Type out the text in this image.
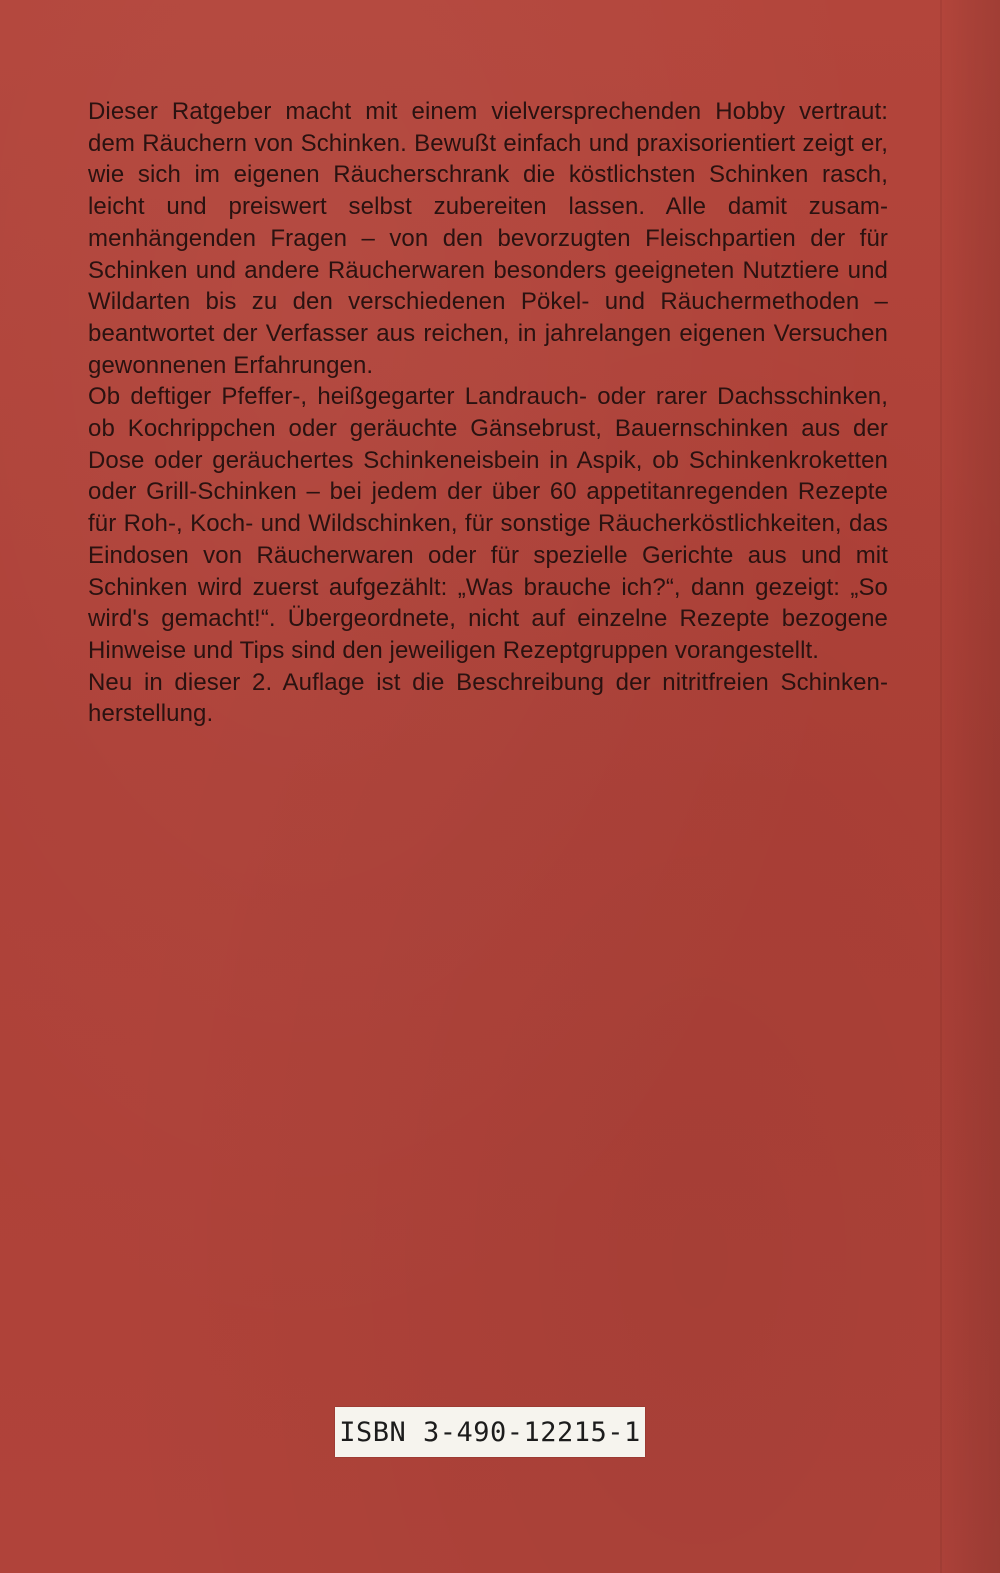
Dieser Ratgeber macht mit einem vielversprechenden Hobby vertraut: dem Räuchern von Schinken. Bewußt einfach und praxisorientiert zeigt er, wie sich im eigenen Räucherschrank die köstlichsten Schinken rasch, leicht und preiswert selbst zubereiten lassen. Alle damit zusammenhängenden Fragen – von den bevorzugten Fleischpartien der für Schinken und andere Räucherwaren besonders geeigneten Nutztiere und Wildarten bis zu den verschiedenen Pökel- und Räuchermethoden – beantwortet der Verfasser aus reichen, in jahrelangen eigenen Versuchen gewonnenen Erfahrungen.

Ob deftiger Pfeffer-, heißgegarter Landrauch- oder rarer Dachsschinken, ob Kochrippchen oder geräuchte Gänsebrust, Bauernschinken aus der Dose oder geräuchertes Schinkeneisbein in Aspik, ob Schinkenkroketten oder Grill-Schinken – bei jedem der über 60 appetitanregenden Rezepte für Roh-, Koch- und Wildschinken, für sonstige Räucherköstlichkeiten, das Eindosen von Räucherwaren oder für spezielle Gerichte aus und mit Schinken wird zuerst aufgezählt: „Was brauche ich?“, dann gezeigt: „So wird's gemacht!“. Übergeordnete, nicht auf einzelne Rezepte bezogene Hinweise und Tips sind den jeweiligen Rezeptgruppen vorangestellt.

Neu in dieser 2. Auflage ist die Beschreibung der nitritfreien Schinkenherstellung.

ISBN 3-490-12215-1
